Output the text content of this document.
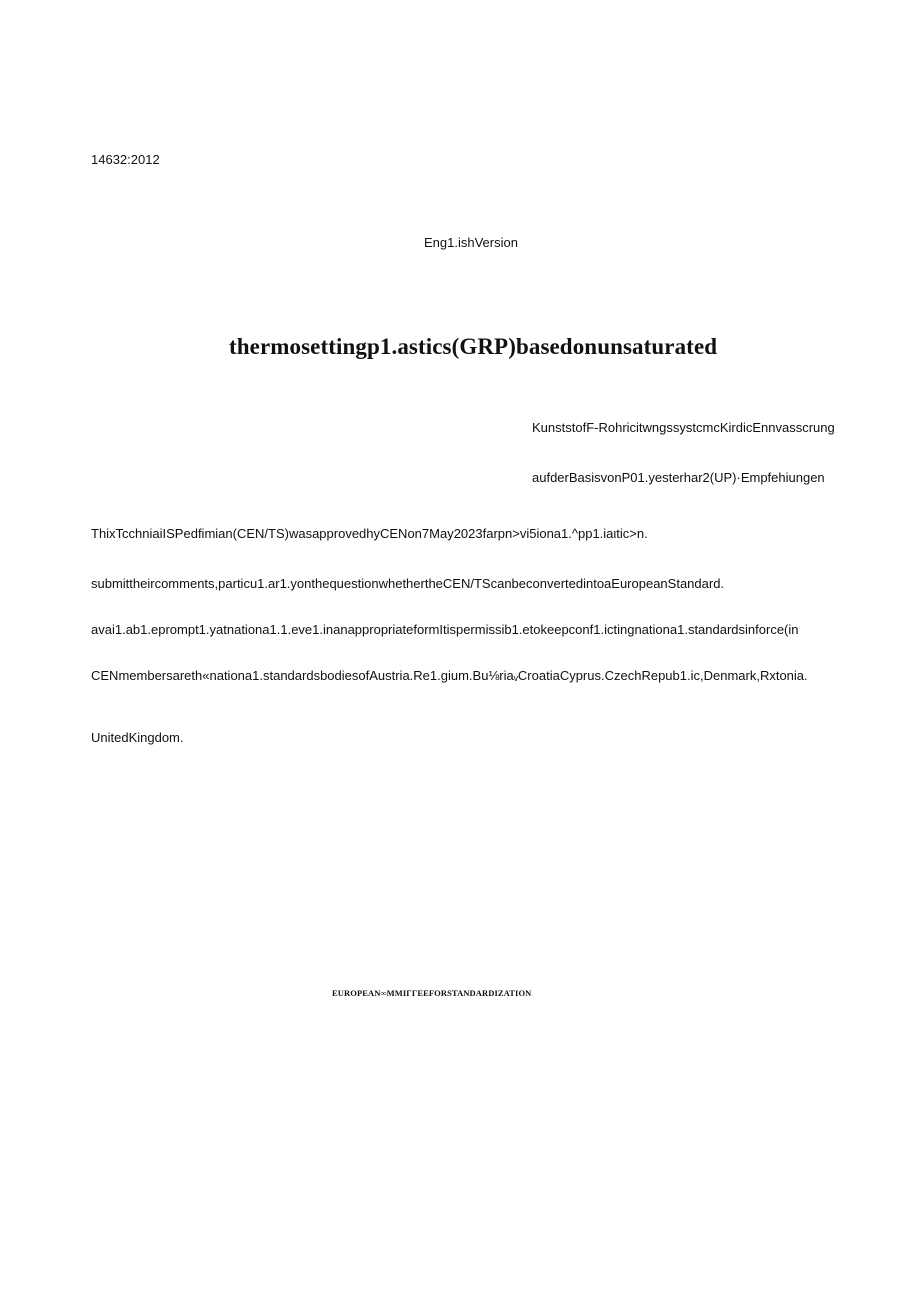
14632:2012

Eng1.ishVersion

thermosettingp1.astics(GRP)basedonunsaturated

KunststofF-RohricitwngssystcmcKirdicEnnvasscrung

aufderBasisvonP01.yesterhar2(UP)·Empfehiungen

ThixTcchniaiISPedfimian(CEN/TS)wasapprovedhyCENon7May2023farpn>vi5iona1.^pp1.iaιtic>n.

submittheircomments,particu1.ar1.yonthequestionwhethertheCEN/TScanbeconvertedintoaEuropeanStandard.

avai1.ab1.eprompt1.yatnationa1.1.eve1.inanappropriateformItispermissib1.etokeepconf1.ictingnationa1.standardsinforce(in

CENmembersareth«nationa1.standardsbodiesofAustria.Re1.gium.Bu⅛riaᵥCroatiaCyprus.CzechRepub1.ic,Denmark,Rxtonia.

UnitedKingdom.

EUROPEAN∞MMIΓΓEEFORSTANDARDIZATION
